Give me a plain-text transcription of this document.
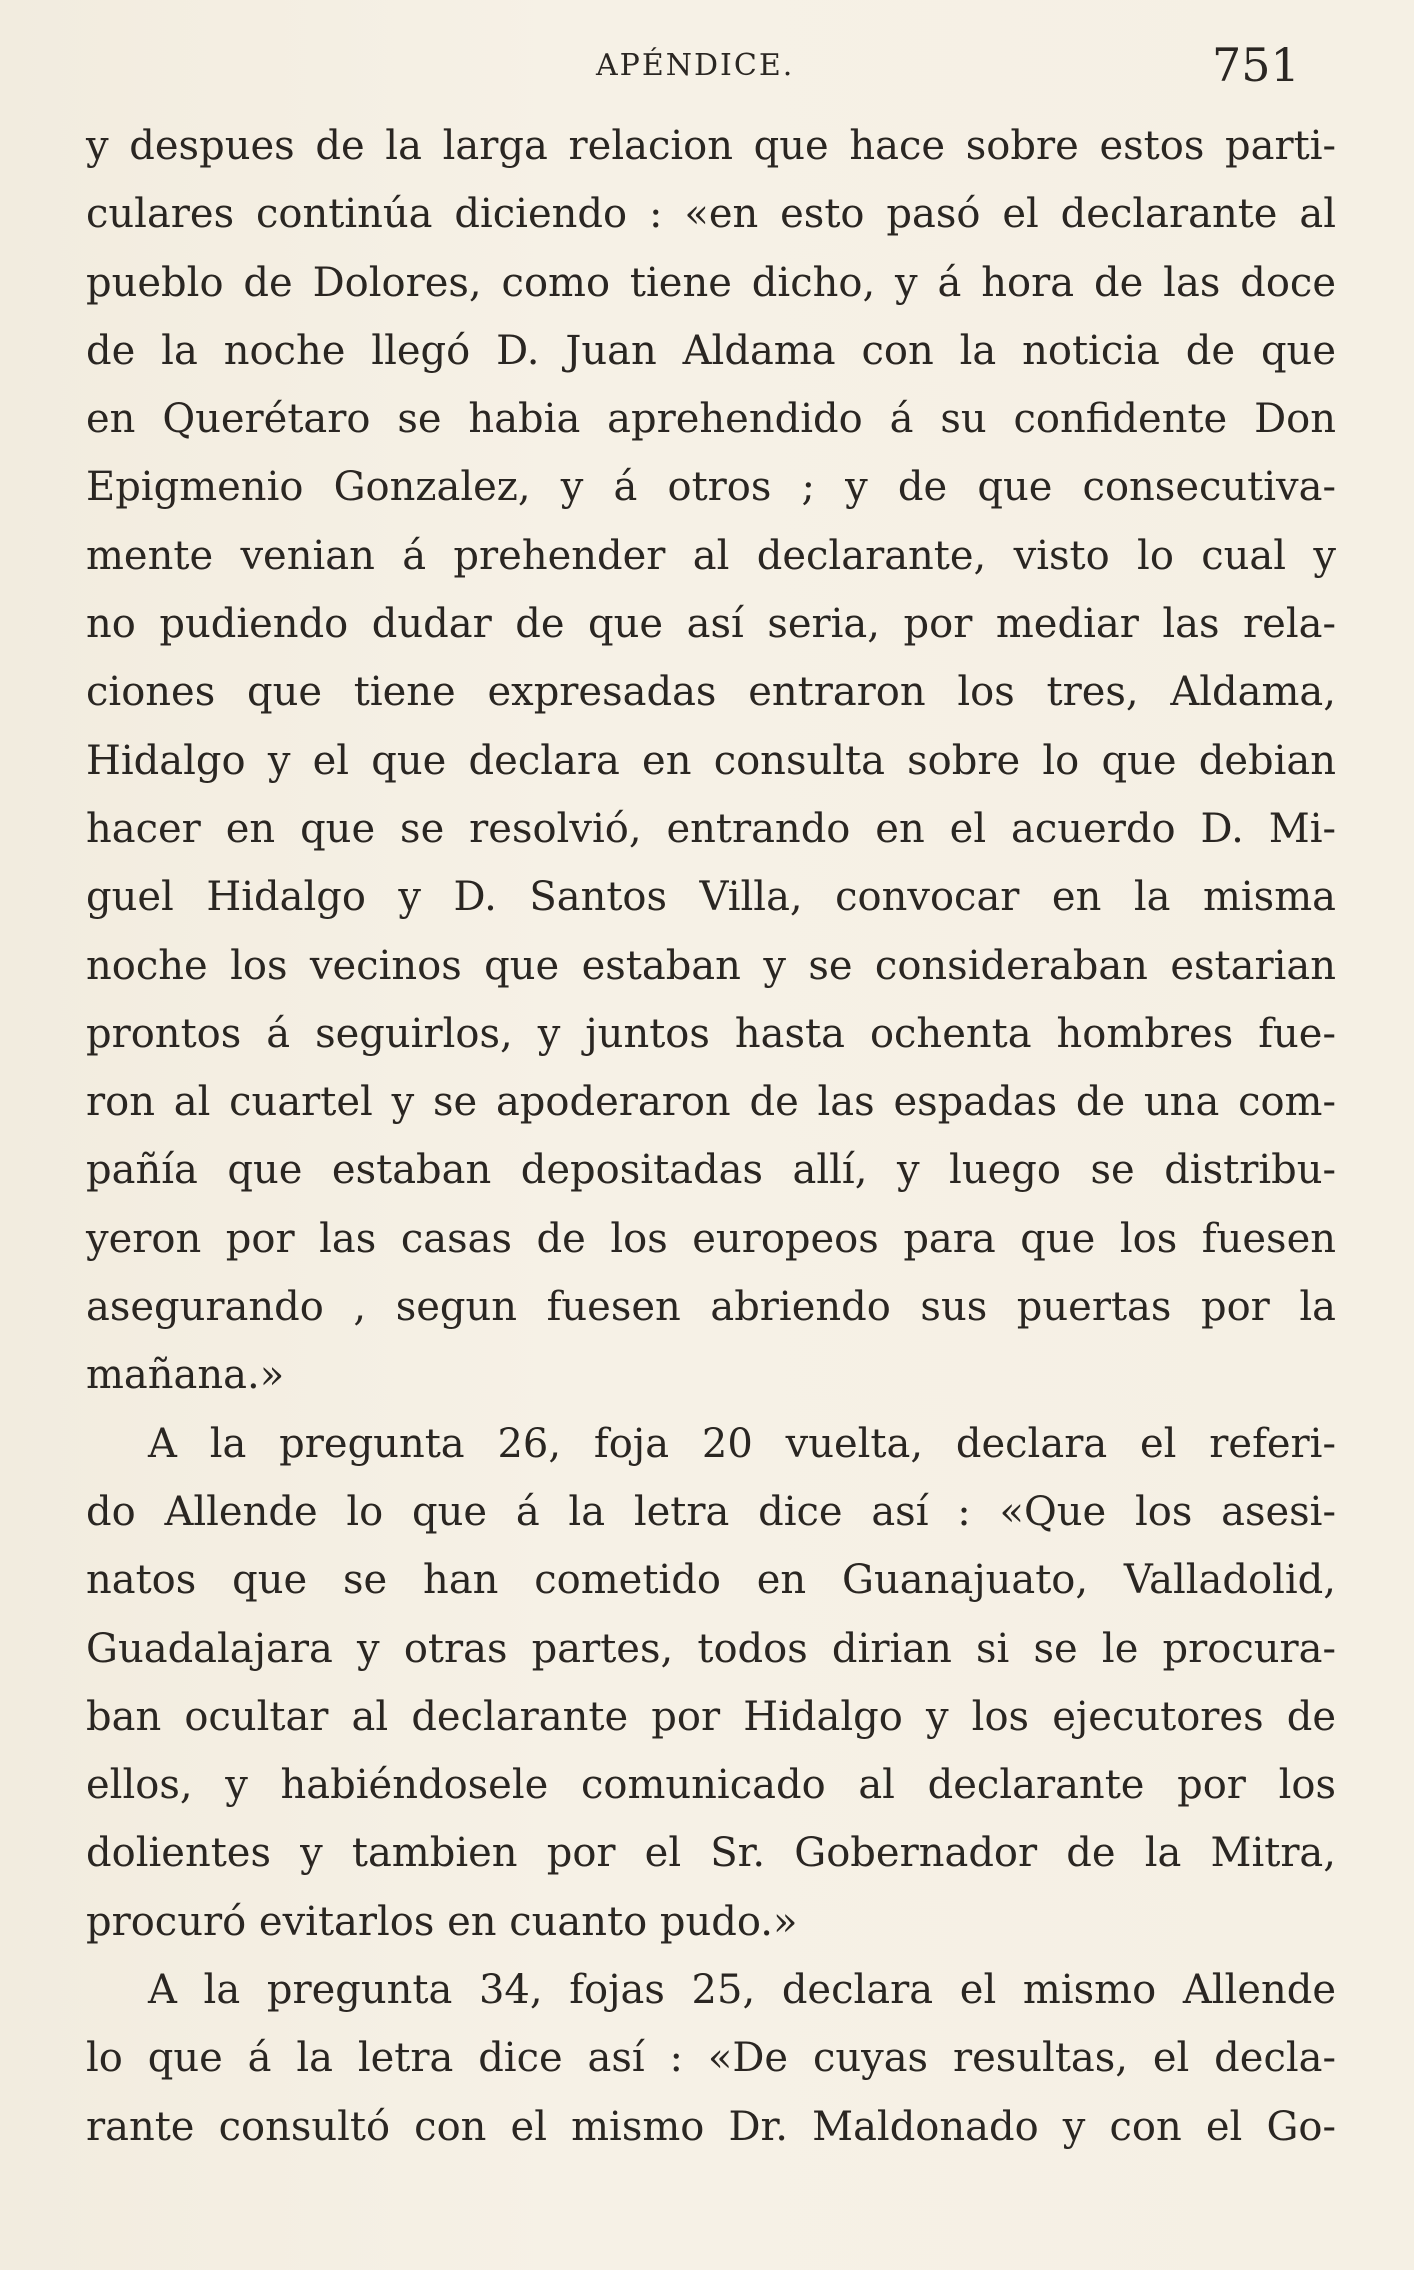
APÉNDICE.	751
y despues de la larga relacion que hace sobre estos parti-
culares continúa diciendo : «en esto pasó el declarante al
pueblo de Dolores, como tiene dicho, y á hora de las doce
de la noche llegó D. Juan Aldama con la noticia de que
en Querétaro se habia aprehendido á su confidente Don
Epigmenio Gonzalez, y á otros ; y de que consecutiva-
mente venian á prehender al declarante, visto lo cual y
no pudiendo dudar de que así seria, por mediar las rela-
ciones que tiene expresadas entraron los tres, Aldama,
Hidalgo y el que declara en consulta sobre lo que debian
hacer en que se resolvió, entrando en el acuerdo D. Mi-
guel Hidalgo y D. Santos Villa, convocar en la misma
noche los vecinos que estaban y se consideraban estarian
prontos á seguirlos, y juntos hasta ochenta hombres fue-
ron al cuartel y se apoderaron de las espadas de una com-
pañía que estaban depositadas allí, y luego se distribu-
yeron por las casas de los europeos para que los fuesen
asegurando , segun fuesen abriendo sus puertas por la
mañana.»
A la pregunta 26, foja 20 vuelta, declara el referi-
do Allende lo que á la letra dice así : «Que los asesi-
natos que se han cometido en Guanajuato, Valladolid,
Guadalajara y otras partes, todos dirian si se le procura-
ban ocultar al declarante por Hidalgo y los ejecutores de
ellos, y habiéndosele comunicado al declarante por los
dolientes y tambien por el Sr. Gobernador de la Mitra,
procuró evitarlos en cuanto pudo.»
A la pregunta 34, fojas 25, declara el mismo Allende
lo que á la letra dice así : «De cuyas resultas, el decla-
rante consultó con el mismo Dr. Maldonado y con el Go-
